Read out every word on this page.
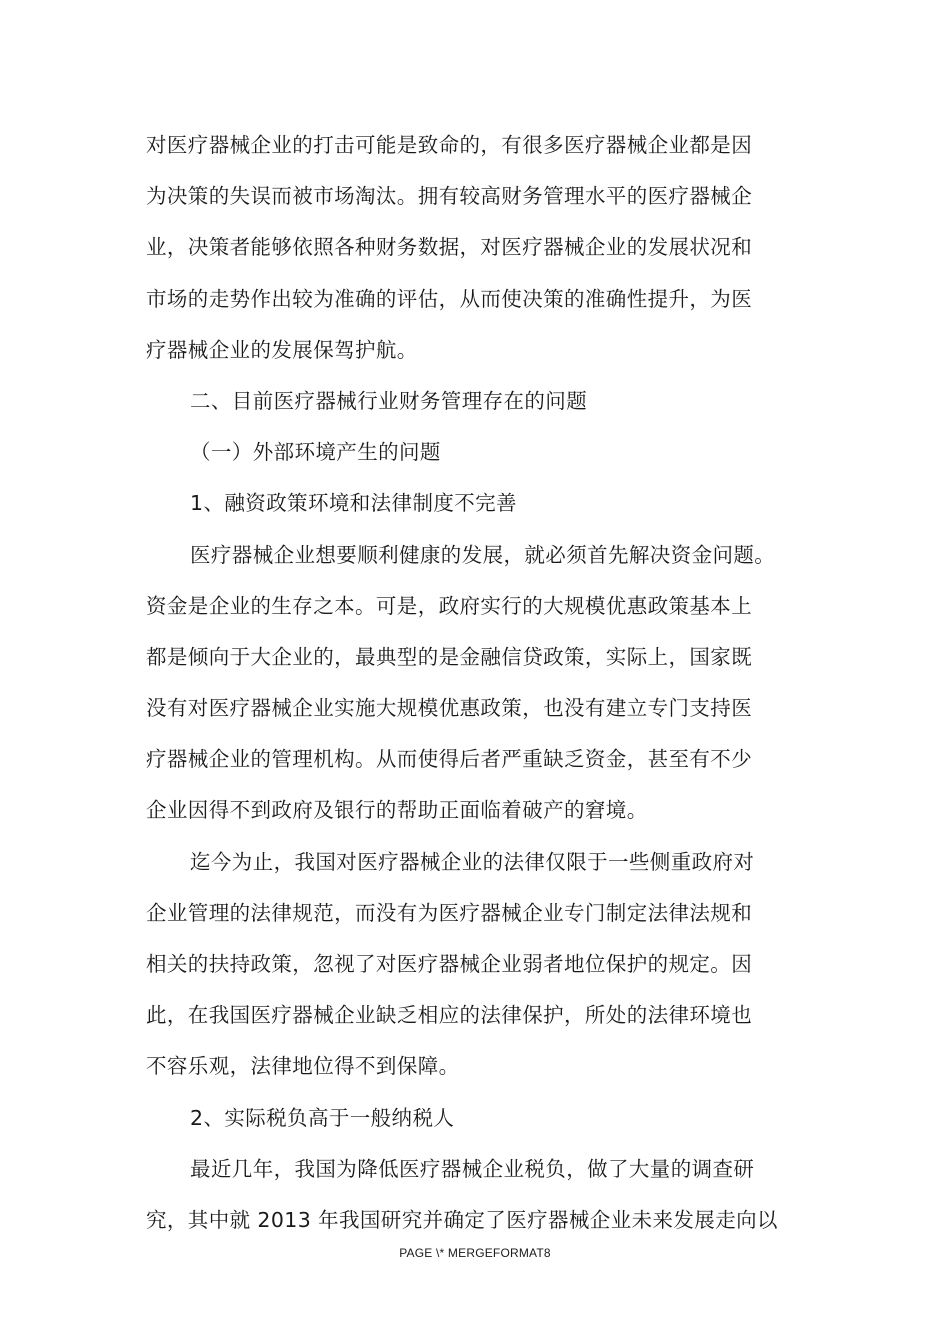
对医疗器械企业的打击可能是致命的，有很多医疗器械企业都是因
为决策的失误而被市场淘汰。拥有较高财务管理水平的医疗器械企
业，决策者能够依照各种财务数据，对医疗器械企业的发展状况和
市场的走势作出较为准确的评估，从而使决策的准确性提升，为医
疗器械企业的发展保驾护航。
二、目前医疗器械行业财务管理存在的问题
（一）外部环境产生的问题
1、融资政策环境和法律制度不完善
医疗器械企业想要顺利健康的发展，就必须首先解决资金问题。
资金是企业的生存之本。可是，政府实行的大规模优惠政策基本上
都是倾向于大企业的，最典型的是金融信贷政策，实际上，国家既
没有对医疗器械企业实施大规模优惠政策，也没有建立专门支持医
疗器械企业的管理机构。从而使得后者严重缺乏资金，甚至有不少
企业因得不到政府及银行的帮助正面临着破产的窘境。
迄今为止，我国对医疗器械企业的法律仅限于一些侧重政府对
企业管理的法律规范，而没有为医疗器械企业专门制定法律法规和
相关的扶持政策，忽视了对医疗器械企业弱者地位保护的规定。因
此，在我国医疗器械企业缺乏相应的法律保护，所处的法律环境也
不容乐观，法律地位得不到保障。
2、实际税负高于一般纳税人
最近几年，我国为降低医疗器械企业税负，做了大量的调查研
究，其中就 2013 年我国研究并确定了医疗器械企业未来发展走向以
PAGE \* MERGEFORMAT8
